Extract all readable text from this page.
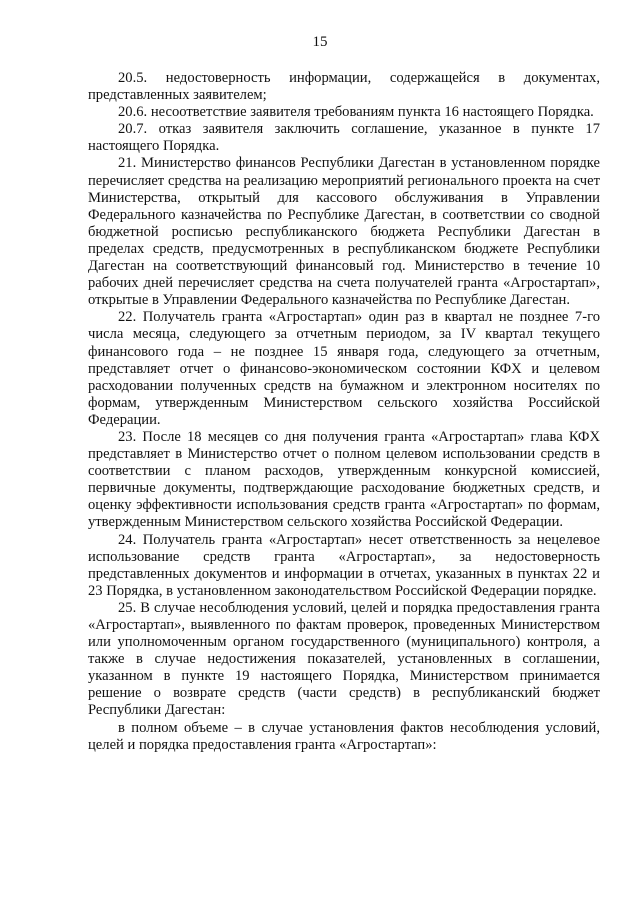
15

20.5. недостоверность информации, содержащейся в документах, представленных заявителем;

20.6. несоответствие заявителя требованиям пункта 16 настоящего Порядка.

20.7. отказ заявителя заключить соглашение, указанное в пункте 17 настоящего Порядка.

21. Министерство финансов Республики Дагестан в установленном порядке перечисляет средства на реализацию мероприятий регионального проекта на счет Министерства, открытый для кассового обслуживания в Управлении Федерального казначейства по Республике Дагестан, в соответствии со сводной бюджетной росписью республиканского бюджета Республики Дагестан в пределах средств, предусмотренных в республиканском бюджете Республики Дагестан на соответствующий финансовый год. Министерство в течение 10 рабочих дней перечисляет средства на счета получателей гранта «Агростартап», открытые в Управлении Федерального казначейства по Республике Дагестан.

22. Получатель гранта «Агростартап» один раз в квартал не позднее 7-го числа месяца, следующего за отчетным периодом, за IV квартал текущего финансового года – не позднее 15 января года, следующего за отчетным, представляет отчет о финансово-экономическом состоянии КФХ и целевом расходовании полученных средств на бумажном и электронном носителях по формам, утвержденным Министерством сельского хозяйства Российской Федерации.

23. После 18 месяцев со дня получения гранта «Агростартап» глава КФХ представляет в Министерство отчет о полном целевом использовании средств в соответствии с планом расходов, утвержденным конкурсной комиссией, первичные документы, подтверждающие расходование бюджетных средств, и оценку эффективности использования средств гранта «Агростартап» по формам, утвержденным Министерством сельского хозяйства Российской Федерации.

24. Получатель гранта «Агростартап» несет ответственность за нецелевое использование средств гранта «Агростартап», за недостоверность представленных документов и информации в отчетах, указанных в пунктах 22 и 23 Порядка, в установленном законодательством Российской Федерации порядке.

25. В случае несоблюдения условий, целей и порядка предоставления гранта «Агростартап», выявленного по фактам проверок, проведенных Министерством или уполномоченным органом государственного (муниципального) контроля, а также в случае недостижения показателей, установленных в соглашении, указанном в пункте 19 настоящего Порядка, Министерством принимается решение о возврате средств (части средств) в республиканский бюджет Республики Дагестан:

в полном объеме – в случае установления фактов несоблюдения условий, целей и порядка предоставления гранта «Агростартап»:
